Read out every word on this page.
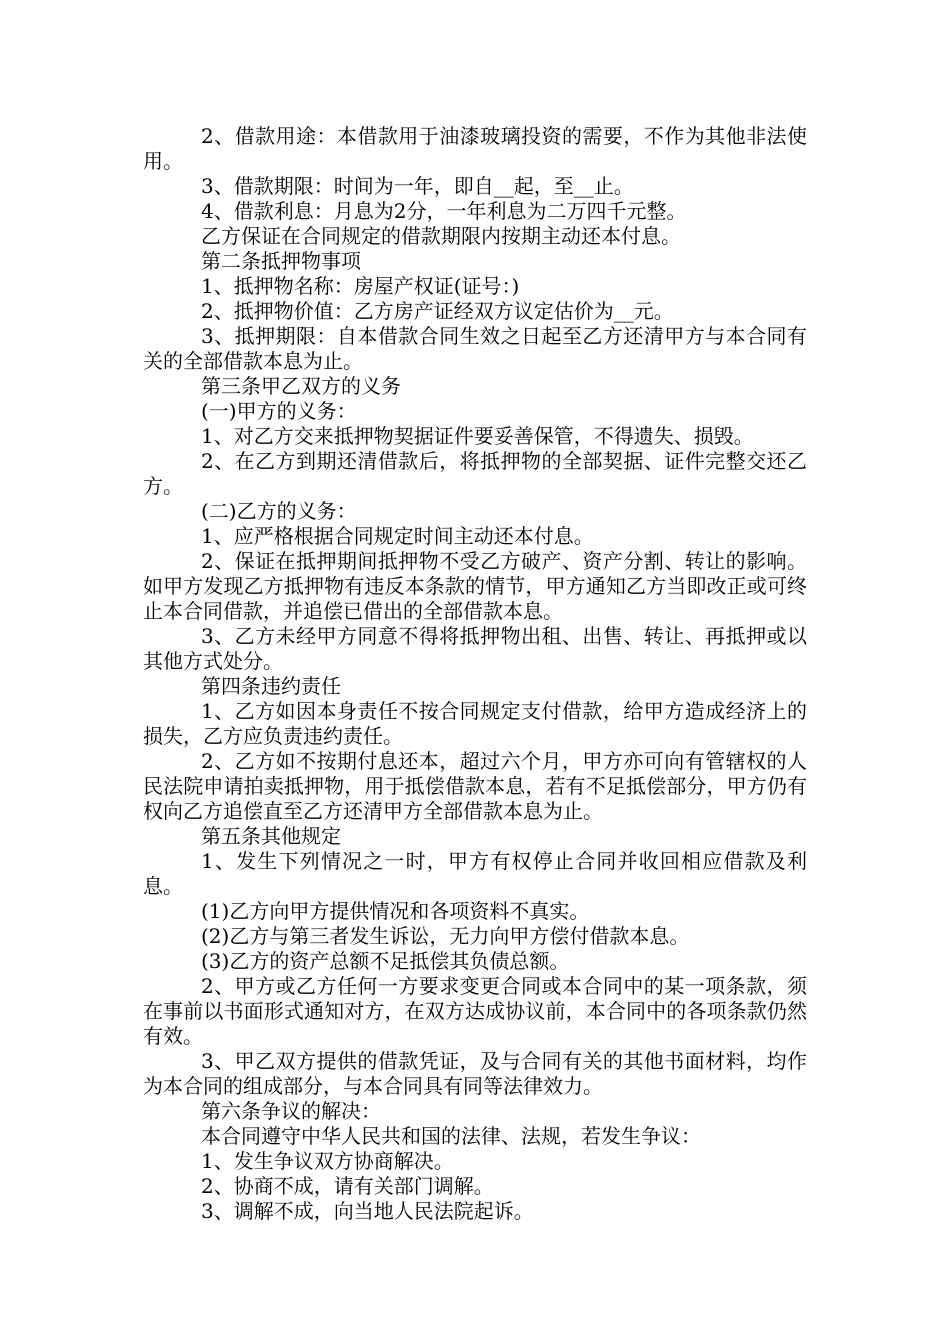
2、借款用途：本借款用于油漆玻璃投资的需要，不作为其他非法使用。

3、借款期限：时间为一年，即自__起，至__止。

4、借款利息：月息为2分，一年利息为二万四千元整。

乙方保证在合同规定的借款期限内按期主动还本付息。

第二条抵押物事项

1、抵押物名称：房屋产权证(证号：)

2、抵押物价值：乙方房产证经双方议定估价为__元。

3、抵押期限：自本借款合同生效之日起至乙方还清甲方与本合同有关的全部借款本息为止。

第三条甲乙双方的义务

(一)甲方的义务：

1、对乙方交来抵押物契据证件要妥善保管，不得遗失、损毁。

2、在乙方到期还清借款后，将抵押物的全部契据、证件完整交还乙方。

(二)乙方的义务：

1、应严格根据合同规定时间主动还本付息。

2、保证在抵押期间抵押物不受乙方破产、资产分割、转让的影响。如甲方发现乙方抵押物有违反本条款的情节，甲方通知乙方当即改正或可终止本合同借款，并追偿已借出的全部借款本息。

3、乙方未经甲方同意不得将抵押物出租、出售、转让、再抵押或以其他方式处分。

第四条违约责任

1、乙方如因本身责任不按合同规定支付借款，给甲方造成经济上的损失，乙方应负责违约责任。

2、乙方如不按期付息还本，超过六个月，甲方亦可向有管辖权的人民法院申请拍卖抵押物，用于抵偿借款本息，若有不足抵偿部分，甲方仍有权向乙方追偿直至乙方还清甲方全部借款本息为止。

第五条其他规定

1、发生下列情况之一时，甲方有权停止合同并收回相应借款及利息。

(1)乙方向甲方提供情况和各项资料不真实。

(2)乙方与第三者发生诉讼，无力向甲方偿付借款本息。

(3)乙方的资产总额不足抵偿其负债总额。

2、甲方或乙方任何一方要求变更合同或本合同中的某一项条款，须在事前以书面形式通知对方，在双方达成协议前，本合同中的各项条款仍然有效。

3、甲乙双方提供的借款凭证，及与合同有关的其他书面材料，均作为本合同的组成部分，与本合同具有同等法律效力。

第六条争议的解决：

本合同遵守中华人民共和国的法律、法规，若发生争议：

1、发生争议双方协商解决。

2、协商不成，请有关部门调解。

3、调解不成，向当地人民法院起诉。
